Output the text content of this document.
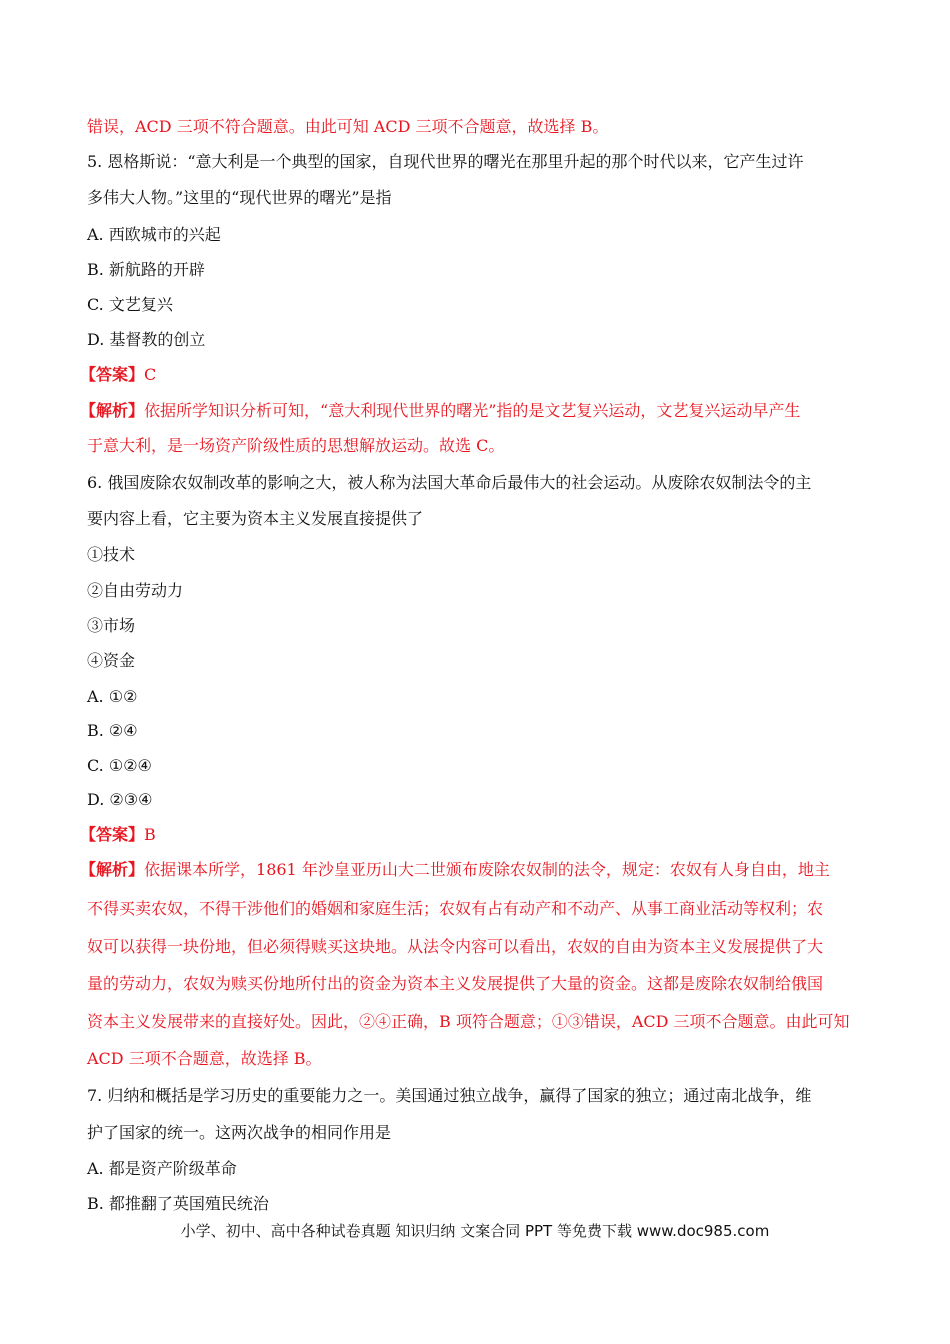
错误，ACD 三项不符合题意。由此可知 ACD 三项不合题意，故选择 B。
5. 恩格斯说：“意大利是一个典型的国家，自现代世界的曙光在那里升起的那个时代以来，它产生过许
多伟大人物。”这里的“现代世界的曙光”是指
A. 西欧城市的兴起
B. 新航路的开辟
C. 文艺复兴
D. 基督教的创立
【答案】C
【解析】依据所学知识分析可知，“意大利现代世界的曙光”指的是文艺复兴运动，文艺复兴运动早产生
于意大利，是一场资产阶级性质的思想解放运动。故选 C。
6. 俄国废除农奴制改革的影响之大，被人称为法国大革命后最伟大的社会运动。从废除农奴制法令的主
要内容上看，它主要为资本主义发展直接提供了
①技术
②自由劳动力
③市场
④资金
A. ①②
B. ②④
C. ①②④
D. ②③④
【答案】B
【解析】依据课本所学，1861 年沙皇亚历山大二世颁布废除农奴制的法令，规定：农奴有人身自由，地主
不得买卖农奴，不得干涉他们的婚姻和家庭生活；农奴有占有动产和不动产、从事工商业活动等权利；农
奴可以获得一块份地，但必须得赎买这块地。从法令内容可以看出，农奴的自由为资本主义发展提供了大
量的劳动力，农奴为赎买份地所付出的资金为资本主义发展提供了大量的资金。这都是废除农奴制给俄国
资本主义发展带来的直接好处。因此，②④正确，B 项符合题意；①③错误，ACD 三项不合题意。由此可知
ACD 三项不合题意，故选择 B。
7. 归纳和概括是学习历史的重要能力之一。美国通过独立战争，赢得了国家的独立；通过南北战争，维
护了国家的统一。这两次战争的相同作用是
A. 都是资产阶级革命
B. 都推翻了英国殖民统治
小学、初中、高中各种试卷真题 知识归纳 文案合同 PPT 等免费下载 www.doc985.com
